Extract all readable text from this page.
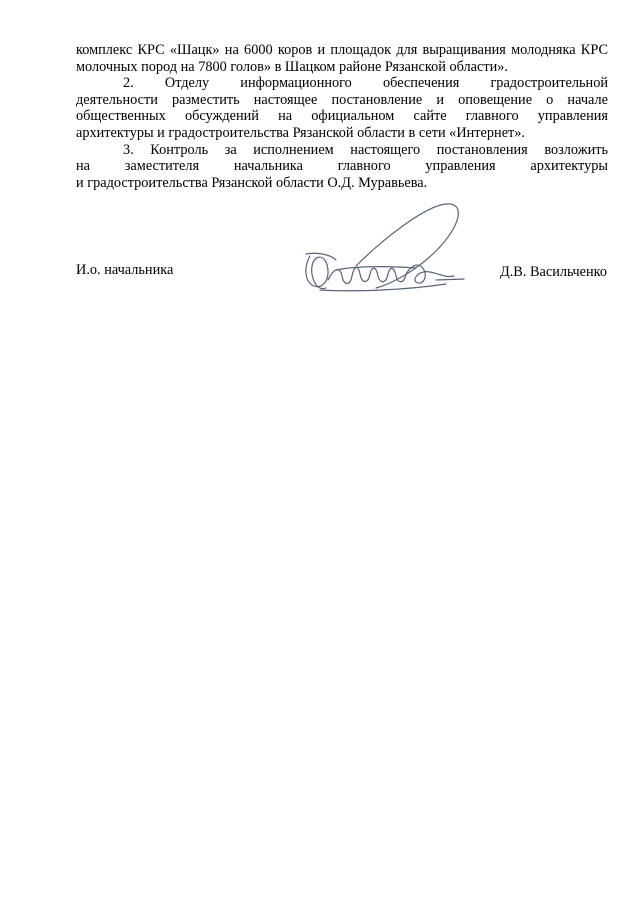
комплекс КРС «Шацк» на 6000 коров и площадок для выращивания молодняка КРС
молочных пород на 7800 голов» в Шацком районе Рязанской области».
2. Отделу информационного обеспечения градостроительной
деятельности разместить настоящее постановление и оповещение о начале
общественных обсуждений на официальном сайте главного управления
архитектуры и градостроительства Рязанской области в сети «Интернет».
3. Контроль за исполнением настоящего постановления возложить
на заместителя начальника главного управления архитектуры
и градостроительства Рязанской области О.Д. Муравьева.
И.о. начальника	Д.В. Васильченко
